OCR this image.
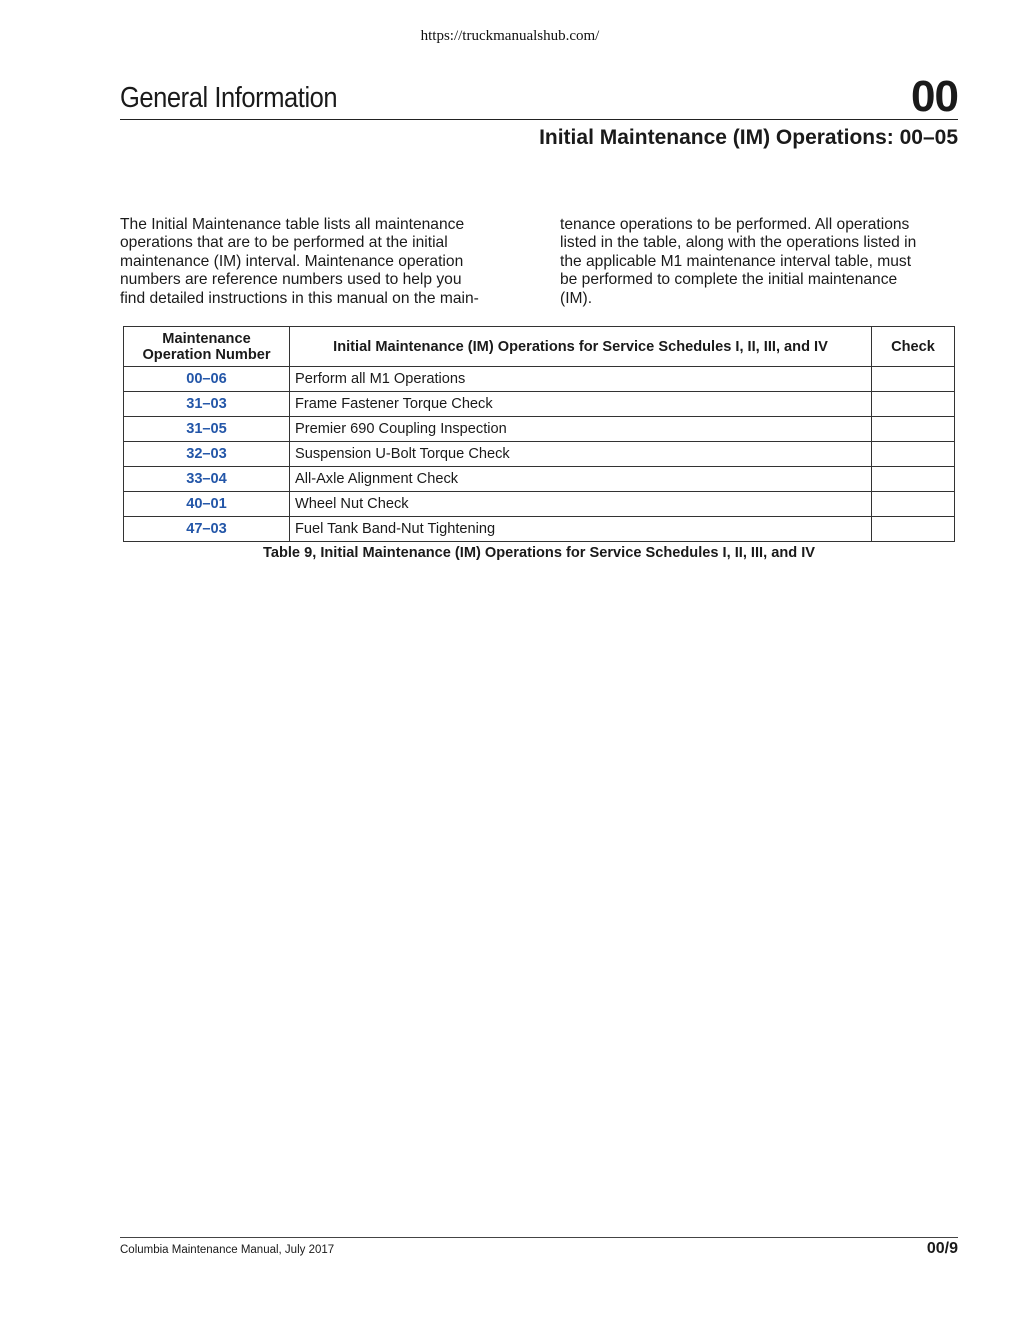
https://truckmanualshub.com/
General Information	00
Initial Maintenance (IM) Operations: 00–05
The Initial Maintenance table lists all maintenance
operations that are to be performed at the initial
maintenance (IM) interval. Maintenance operation
numbers are reference numbers used to help you
find detailed instructions in this manual on the main-
tenance operations to be performed. All operations
listed in the table, along with the operations listed in
the applicable M1 maintenance interval table, must
be performed to complete the initial maintenance
(IM).
Maintenance
Operation Number	Initial Maintenance (IM) Operations for Service Schedules I, II, III, and IV	Check
00–06	Perform all M1 Operations	
31–03	Frame Fastener Torque Check	
31–05	Premier 690 Coupling Inspection	
32–03	Suspension U-Bolt Torque Check	
33–04	All-Axle Alignment Check	
40–01	Wheel Nut Check	
47–03	Fuel Tank Band-Nut Tightening	
Table 9, Initial Maintenance (IM) Operations for Service Schedules I, II, III, and IV
Columbia Maintenance Manual, July 2017	00/9
